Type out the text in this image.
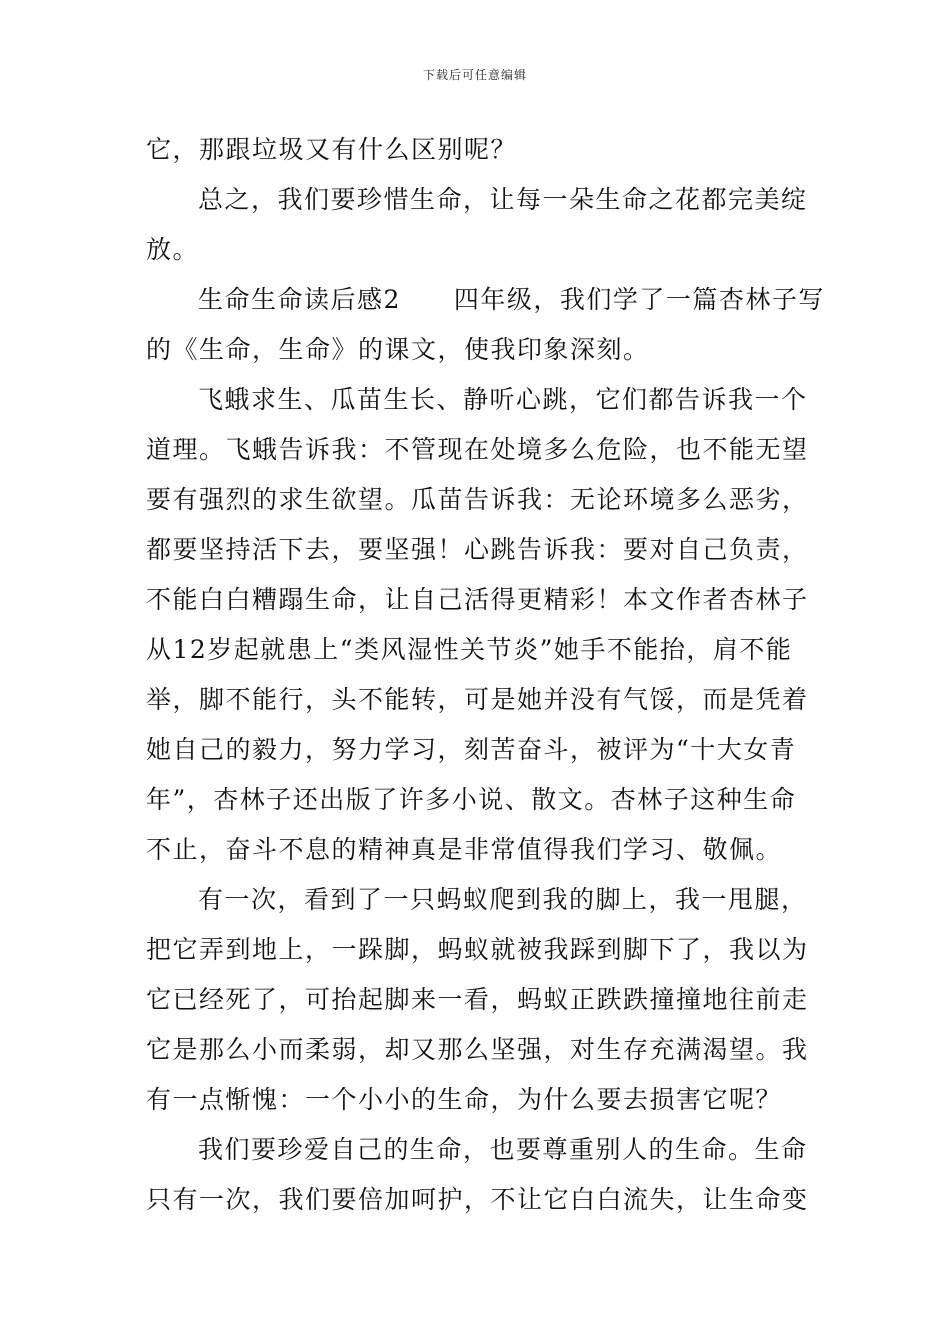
下载后可任意编辑
它，那跟垃圾又有什么区别呢？
总之，我们要珍惜生命，让每一朵生命之花都完美绽
放。
生命生命读后感2　　四年级，我们学了一篇杏林子写
的《生命，生命》的课文，使我印象深刻。
飞蛾求生、瓜苗生长、静听心跳，它们都告诉我一个
道理。飞蛾告诉我：不管现在处境多么危险，也不能无望
要有强烈的求生欲望。瓜苗告诉我：无论环境多么恶劣，
都要坚持活下去，要坚强！心跳告诉我：要对自己负责，
不能白白糟蹋生命，让自己活得更精彩！本文作者杏林子
从12岁起就患上“类风湿性关节炎”她手不能抬，肩不能
举，脚不能行，头不能转，可是她并没有气馁，而是凭着
她自己的毅力，努力学习，刻苦奋斗，被评为“十大女青
年”，杏林子还出版了许多小说、散文。杏林子这种生命
不止，奋斗不息的精神真是非常值得我们学习、敬佩。
有一次，看到了一只蚂蚁爬到我的脚上，我一甩腿，
把它弄到地上，一跺脚，蚂蚁就被我踩到脚下了，我以为
它已经死了，可抬起脚来一看，蚂蚁正跌跌撞撞地往前走
它是那么小而柔弱，却又那么坚强，对生存充满渴望。我
有一点惭愧：一个小小的生命，为什么要去损害它呢？
我们要珍爱自己的生命，也要尊重别人的生命。生命
只有一次，我们要倍加呵护，不让它白白流失，让生命变
